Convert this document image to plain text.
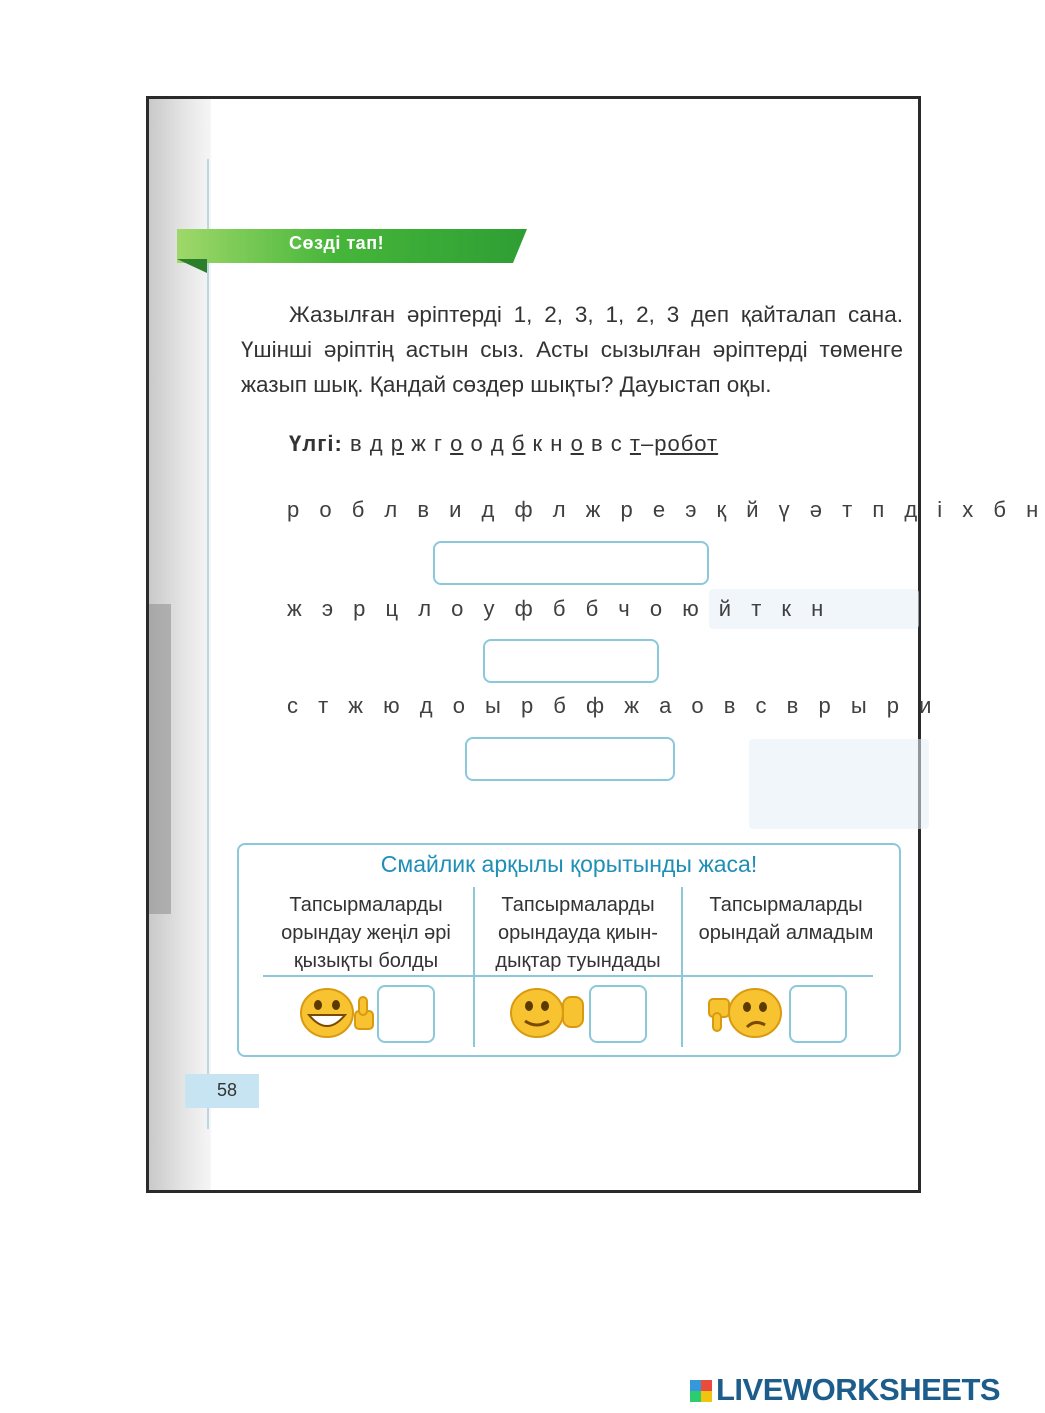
Сөзді тап!
Жазылған әріптерді 1, 2, 3, 1, 2, 3 деп қайталап сана. Үшінші әріптің астын сыз. Асты сызылған әріптерді төменге жазып шық. Қандай сөздер шықты? Дауыстап оқы.
Үлгі: в д р ж г о о д б к н о в с т–робот
р о б л в и д ф л ж р е э қ й ү ә т п д і х б н
ж э р ц л о у ф б б ч о ю й т к н
с т ж ю д о ы р б ф ж а о в с в р ы р и
Смайлик арқылы қорытынды жаса!
Тапсырмаларды орындау жеңіл әрі қызықты болды
Тапсырмаларды орындауда қиын-дықтар туындады
Тапсырмаларды орындай алмадым
58
LIVEWORKSHEETS
